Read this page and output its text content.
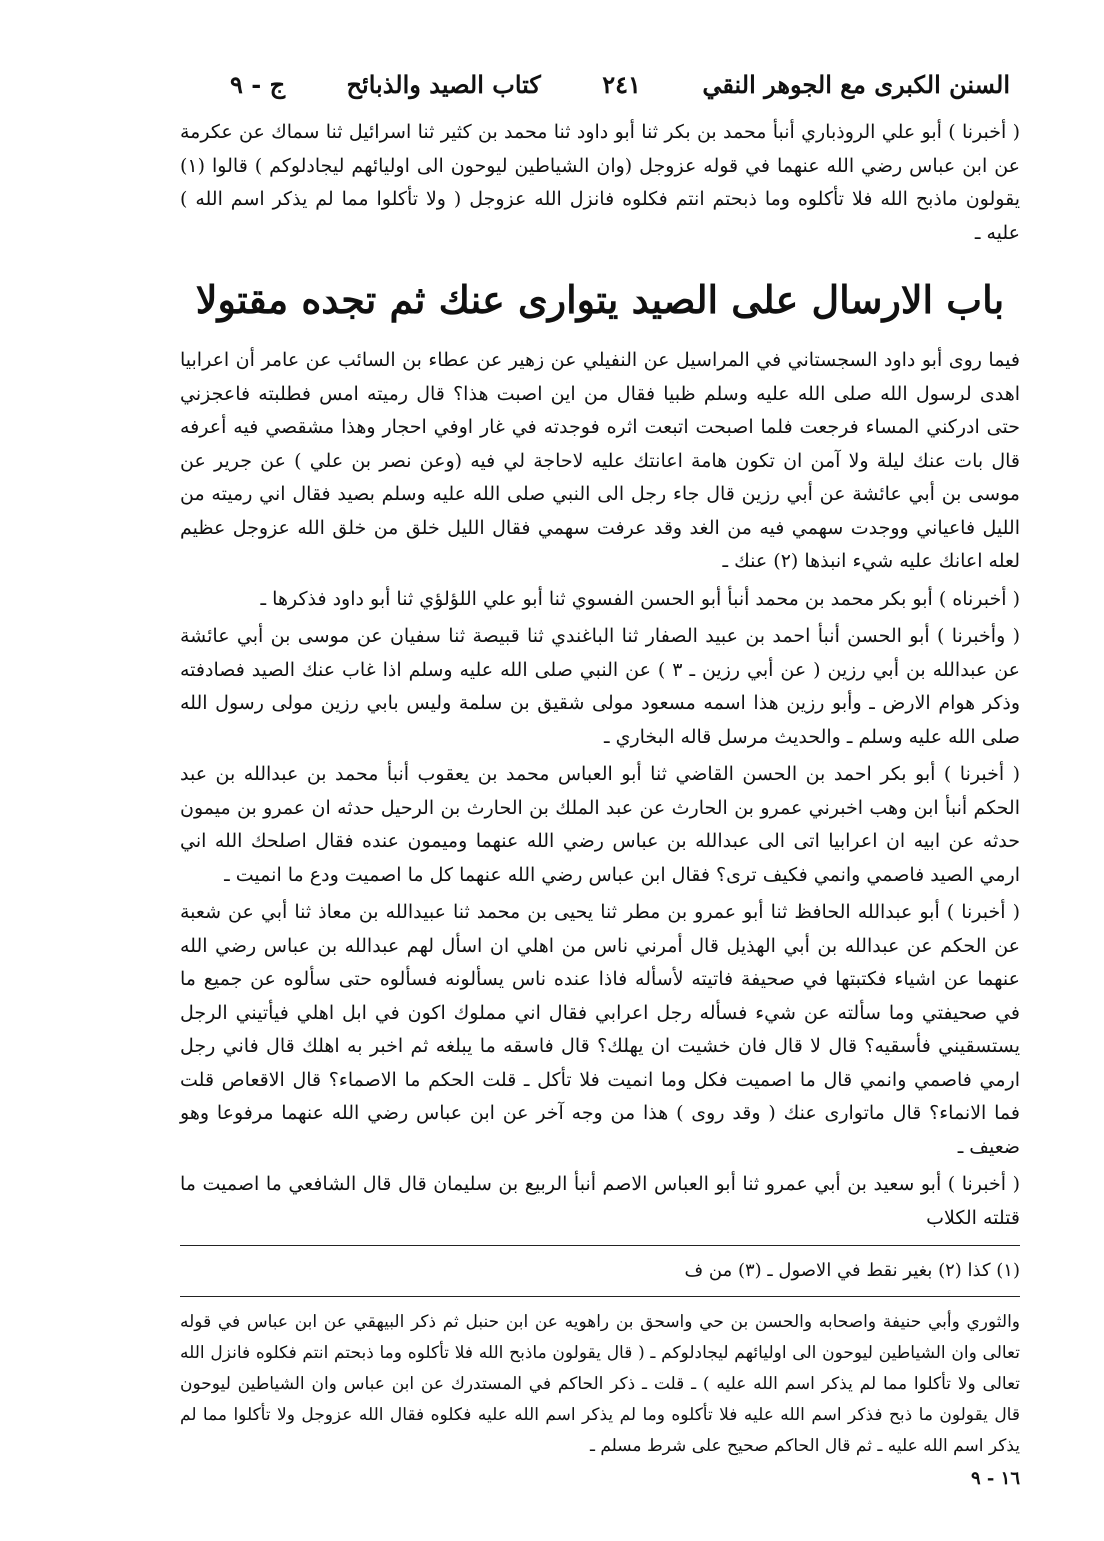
السنن الكبرى مع الجوهر النقي
٢٤١
كتاب الصيد والذبائح
ج - ٩

( أخبرنا ) أبو علي الروذباري أنبأ محمد بن بكر ثنا أبو داود ثنا محمد بن كثير ثنا اسرائيل ثنا سماك عن عكرمة عن ابن عباس رضي الله عنهما في قوله عزوجل (وان الشياطين ليوحون الى اوليائهم ليجادلوكم ) قالوا (١) يقولون ماذبح الله فلا تأكلوه وما ذبحتم انتم فكلوه فانزل الله عزوجل ( ولا تأكلوا مما لم يذكر اسم الله ) عليه ـ

باب الارسال على الصيد يتوارى عنك ثم تجده مقتولا

فيما روى أبو داود السجستاني في المراسيل عن النفيلي عن زهير عن عطاء بن السائب عن عامر أن اعرابيا اهدى لرسول الله صلى الله عليه وسلم ظبيا فقال من اين اصبت هذا؟ قال رميته امس فطلبته فاعجزني حتى ادركني المساء فرجعت فلما اصبحت اتبعت اثره فوجدته في غار اوفي احجار وهذا مشقصي فيه أعرفه قال بات عنك ليلة ولا آمن ان تكون هامة اعانتك عليه لاحاجة لي فيه (وعن نصر بن علي ) عن جرير عن موسى بن أبي عائشة عن أبي رزين قال جاء رجل الى النبي صلى الله عليه وسلم بصيد فقال اني رميته من الليل فاعياني ووجدت سهمي فيه من الغد وقد عرفت سهمي فقال الليل خلق من خلق الله عزوجل عظيم لعله اعانك عليه شيء انبذها (٢) عنك ـ

( أخبرناه ) أبو بكر محمد بن محمد أنبأ أبو الحسن الفسوي ثنا أبو علي اللؤلؤي ثنا أبو داود فذكرها ـ

( وأخبرنا ) أبو الحسن أنبأ احمد بن عبيد الصفار ثنا الباغندي ثنا قبيصة ثنا سفيان عن موسى بن أبي عائشة عن عبدالله بن أبي رزين ( عن أبي رزين ـ ٣ ) عن النبي صلى الله عليه وسلم اذا غاب عنك الصيد فصادفته وذكر هوام الارض ـ وأبو رزين هذا اسمه مسعود مولى شقيق بن سلمة وليس بابي رزين مولى رسول الله صلى الله عليه وسلم ـ والحديث مرسل قاله البخاري ـ

( أخبرنا ) أبو بكر احمد بن الحسن القاضي ثنا أبو العباس محمد بن يعقوب أنبأ محمد بن عبدالله بن عبد الحكم أنبأ ابن وهب اخبرني عمرو بن الحارث عن عبد الملك بن الحارث بن الرحيل حدثه ان عمرو بن ميمون حدثه عن ابيه ان اعرابيا اتى الى عبدالله بن عباس رضي الله عنهما وميمون عنده فقال اصلحك الله اني ارمي الصيد فاصمي وانمي فكيف ترى؟ فقال ابن عباس رضي الله عنهما كل ما اصميت ودع ما انميت ـ

( أخبرنا ) أبو عبدالله الحافظ ثنا أبو عمرو بن مطر ثنا يحيى بن محمد ثنا عبيدالله بن معاذ ثنا أبي عن شعبة عن الحكم عن عبدالله بن أبي الهذيل قال أمرني ناس من اهلي ان اسأل لهم عبدالله بن عباس رضي الله عنهما عن اشياء فكتبتها في صحيفة فاتيته لأسأله فاذا عنده ناس يسألونه فسألوه حتى سألوه عن جميع ما في صحيفتي وما سألته عن شيء فسأله رجل اعرابي فقال اني مملوك اكون في ابل اهلي فيأتيني الرجل يستسقيني فأسقيه؟ قال لا قال فان خشيت ان يهلك؟ قال فاسقه ما يبلغه ثم اخبر به اهلك قال فاني رجل ارمي فاصمي وانمي قال ما اصميت فكل وما انميت فلا تأكل ـ قلت الحكم ما الاصماء؟ قال الاقعاص قلت فما الانماء؟ قال ماتوارى عنك ( وقد روى ) هذا من وجه آخر عن ابن عباس رضي الله عنهما مرفوعا وهو ضعيف ـ

( أخبرنا ) أبو سعيد بن أبي عمرو ثنا أبو العباس الاصم أنبأ الربيع بن سليمان قال قال الشافعي ما اصميت ما قتلته الكلاب

(١) كذا (٢) بغير نقط في الاصول ـ (٣) من ف

والثوري وأبي حنيفة واصحابه والحسن بن حي واسحق بن راهويه عن ابن حنبل ثم ذكر البيهقي عن ابن عباس في قوله تعالى وان الشياطين ليوحون الى اوليائهم ليجادلوكم ـ ( قال يقولون ماذبح الله فلا تأكلوه وما ذبحتم انتم فكلوه فانزل الله تعالى ولا تأكلوا مما لم يذكر اسم الله عليه ) ـ قلت ـ ذكر الحاكم في المستدرك عن ابن عباس وان الشياطين ليوحون قال يقولون ما ذبح فذكر اسم الله عليه فلا تأكلوه وما لم يذكر اسم الله عليه فكلوه فقال الله عزوجل ولا تأكلوا مما لم يذكر اسم الله عليه ـ ثم قال الحاكم صحيح على شرط مسلم ـ

١٦ - ٩
